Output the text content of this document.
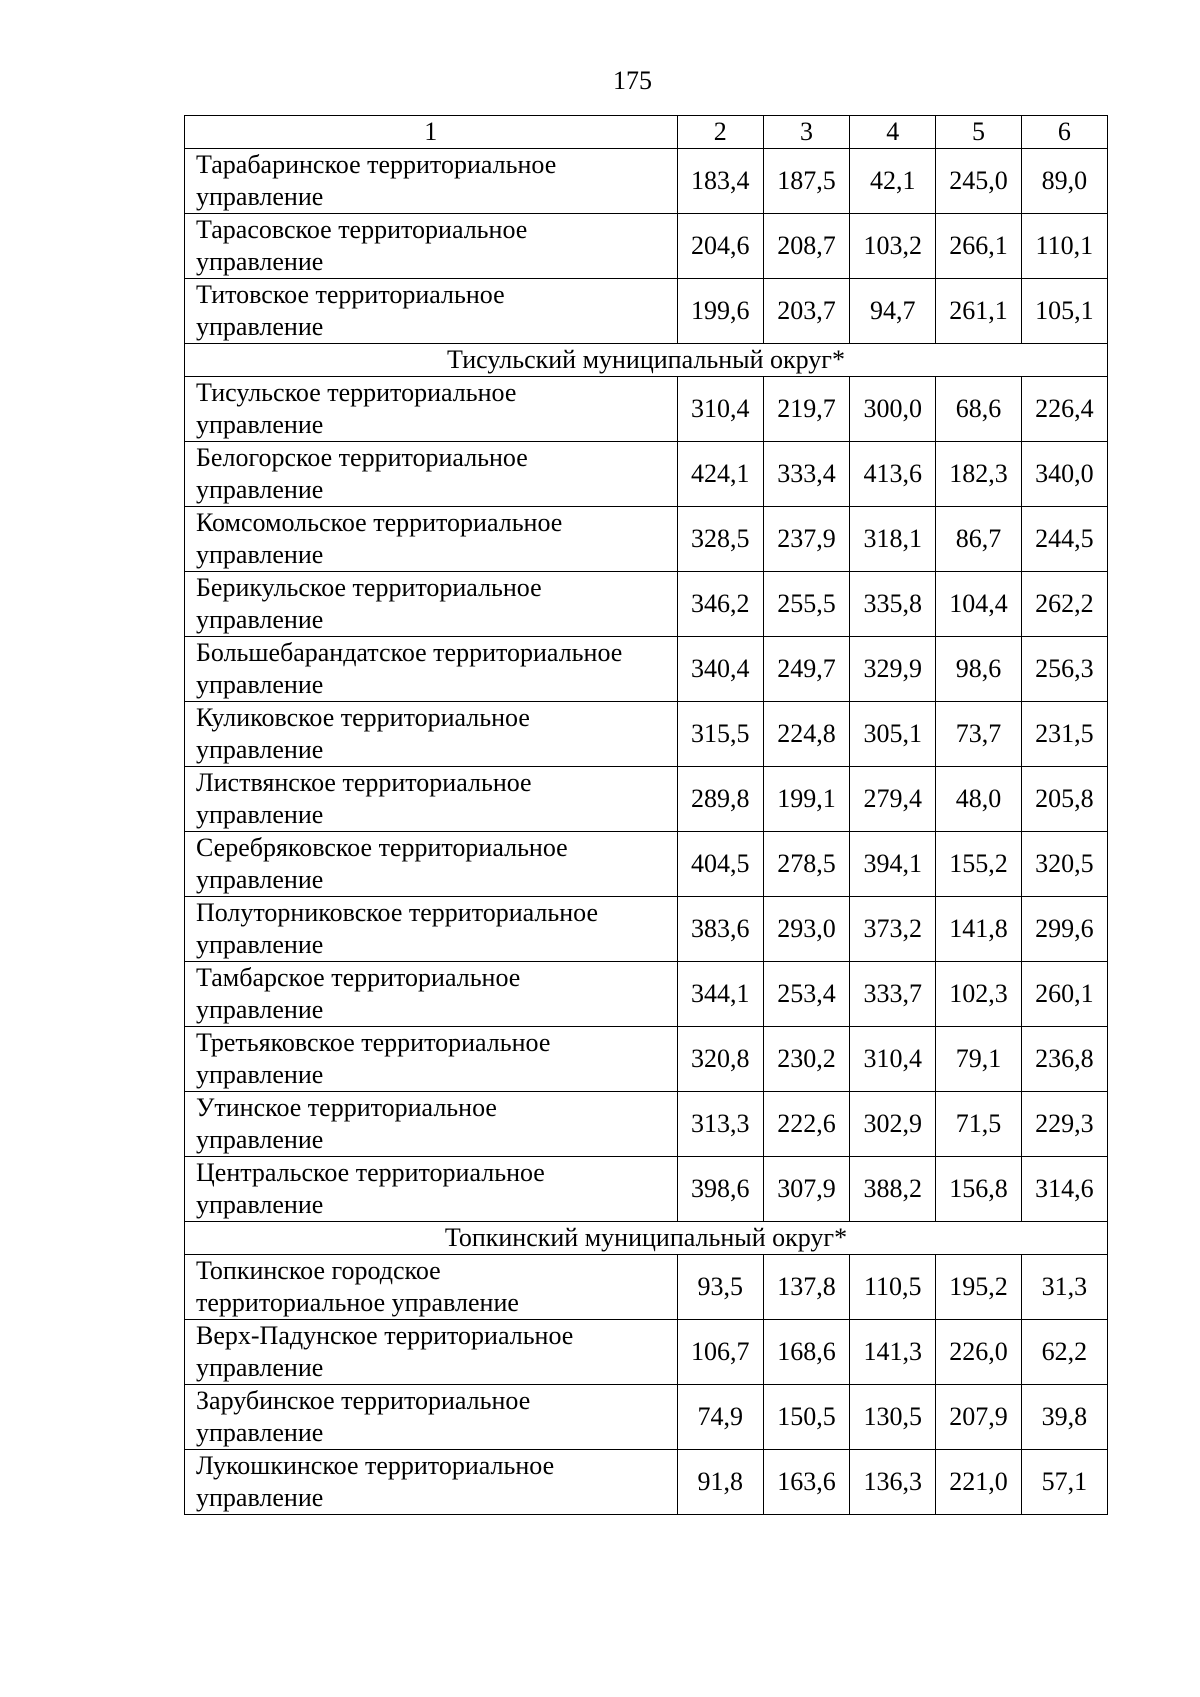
175
1	2	3	4	5	6
Тарабаринское территориальное
управление	183,4	187,5	42,1	245,0	89,0
Тарасовское территориальное
управление	204,6	208,7	103,2	266,1	110,1
Титовское территориальное
управление	199,6	203,7	94,7	261,1	105,1
Тисульский муниципальный округ*					
Тисульское территориальное
управление	310,4	219,7	300,0	68,6	226,4
Белогорское территориальное
управление	424,1	333,4	413,6	182,3	340,0
Комсомольское территориальное
управление	328,5	237,9	318,1	86,7	244,5
Берикульское территориальное
управление	346,2	255,5	335,8	104,4	262,2
Большебарандатское территориальное
управление	340,4	249,7	329,9	98,6	256,3
Куликовское территориальное
управление	315,5	224,8	305,1	73,7	231,5
Листвянское территориальное
управление	289,8	199,1	279,4	48,0	205,8
Серебряковское территориальное
управление	404,5	278,5	394,1	155,2	320,5
Полуторниковское территориальное
управление	383,6	293,0	373,2	141,8	299,6
Тамбарское территориальное
управление	344,1	253,4	333,7	102,3	260,1
Третьяковское территориальное
управление	320,8	230,2	310,4	79,1	236,8
Утинское территориальное
управление	313,3	222,6	302,9	71,5	229,3
Центральское территориальное
управление	398,6	307,9	388,2	156,8	314,6
Топкинский муниципальный округ*					
Топкинское городское
территориальное управление	93,5	137,8	110,5	195,2	31,3
Верх-Падунское территориальное
управление	106,7	168,6	141,3	226,0	62,2
Зарубинское территориальное
управление	74,9	150,5	130,5	207,9	39,8
Лукошкинское территориальное
управление	91,8	163,6	136,3	221,0	57,1
